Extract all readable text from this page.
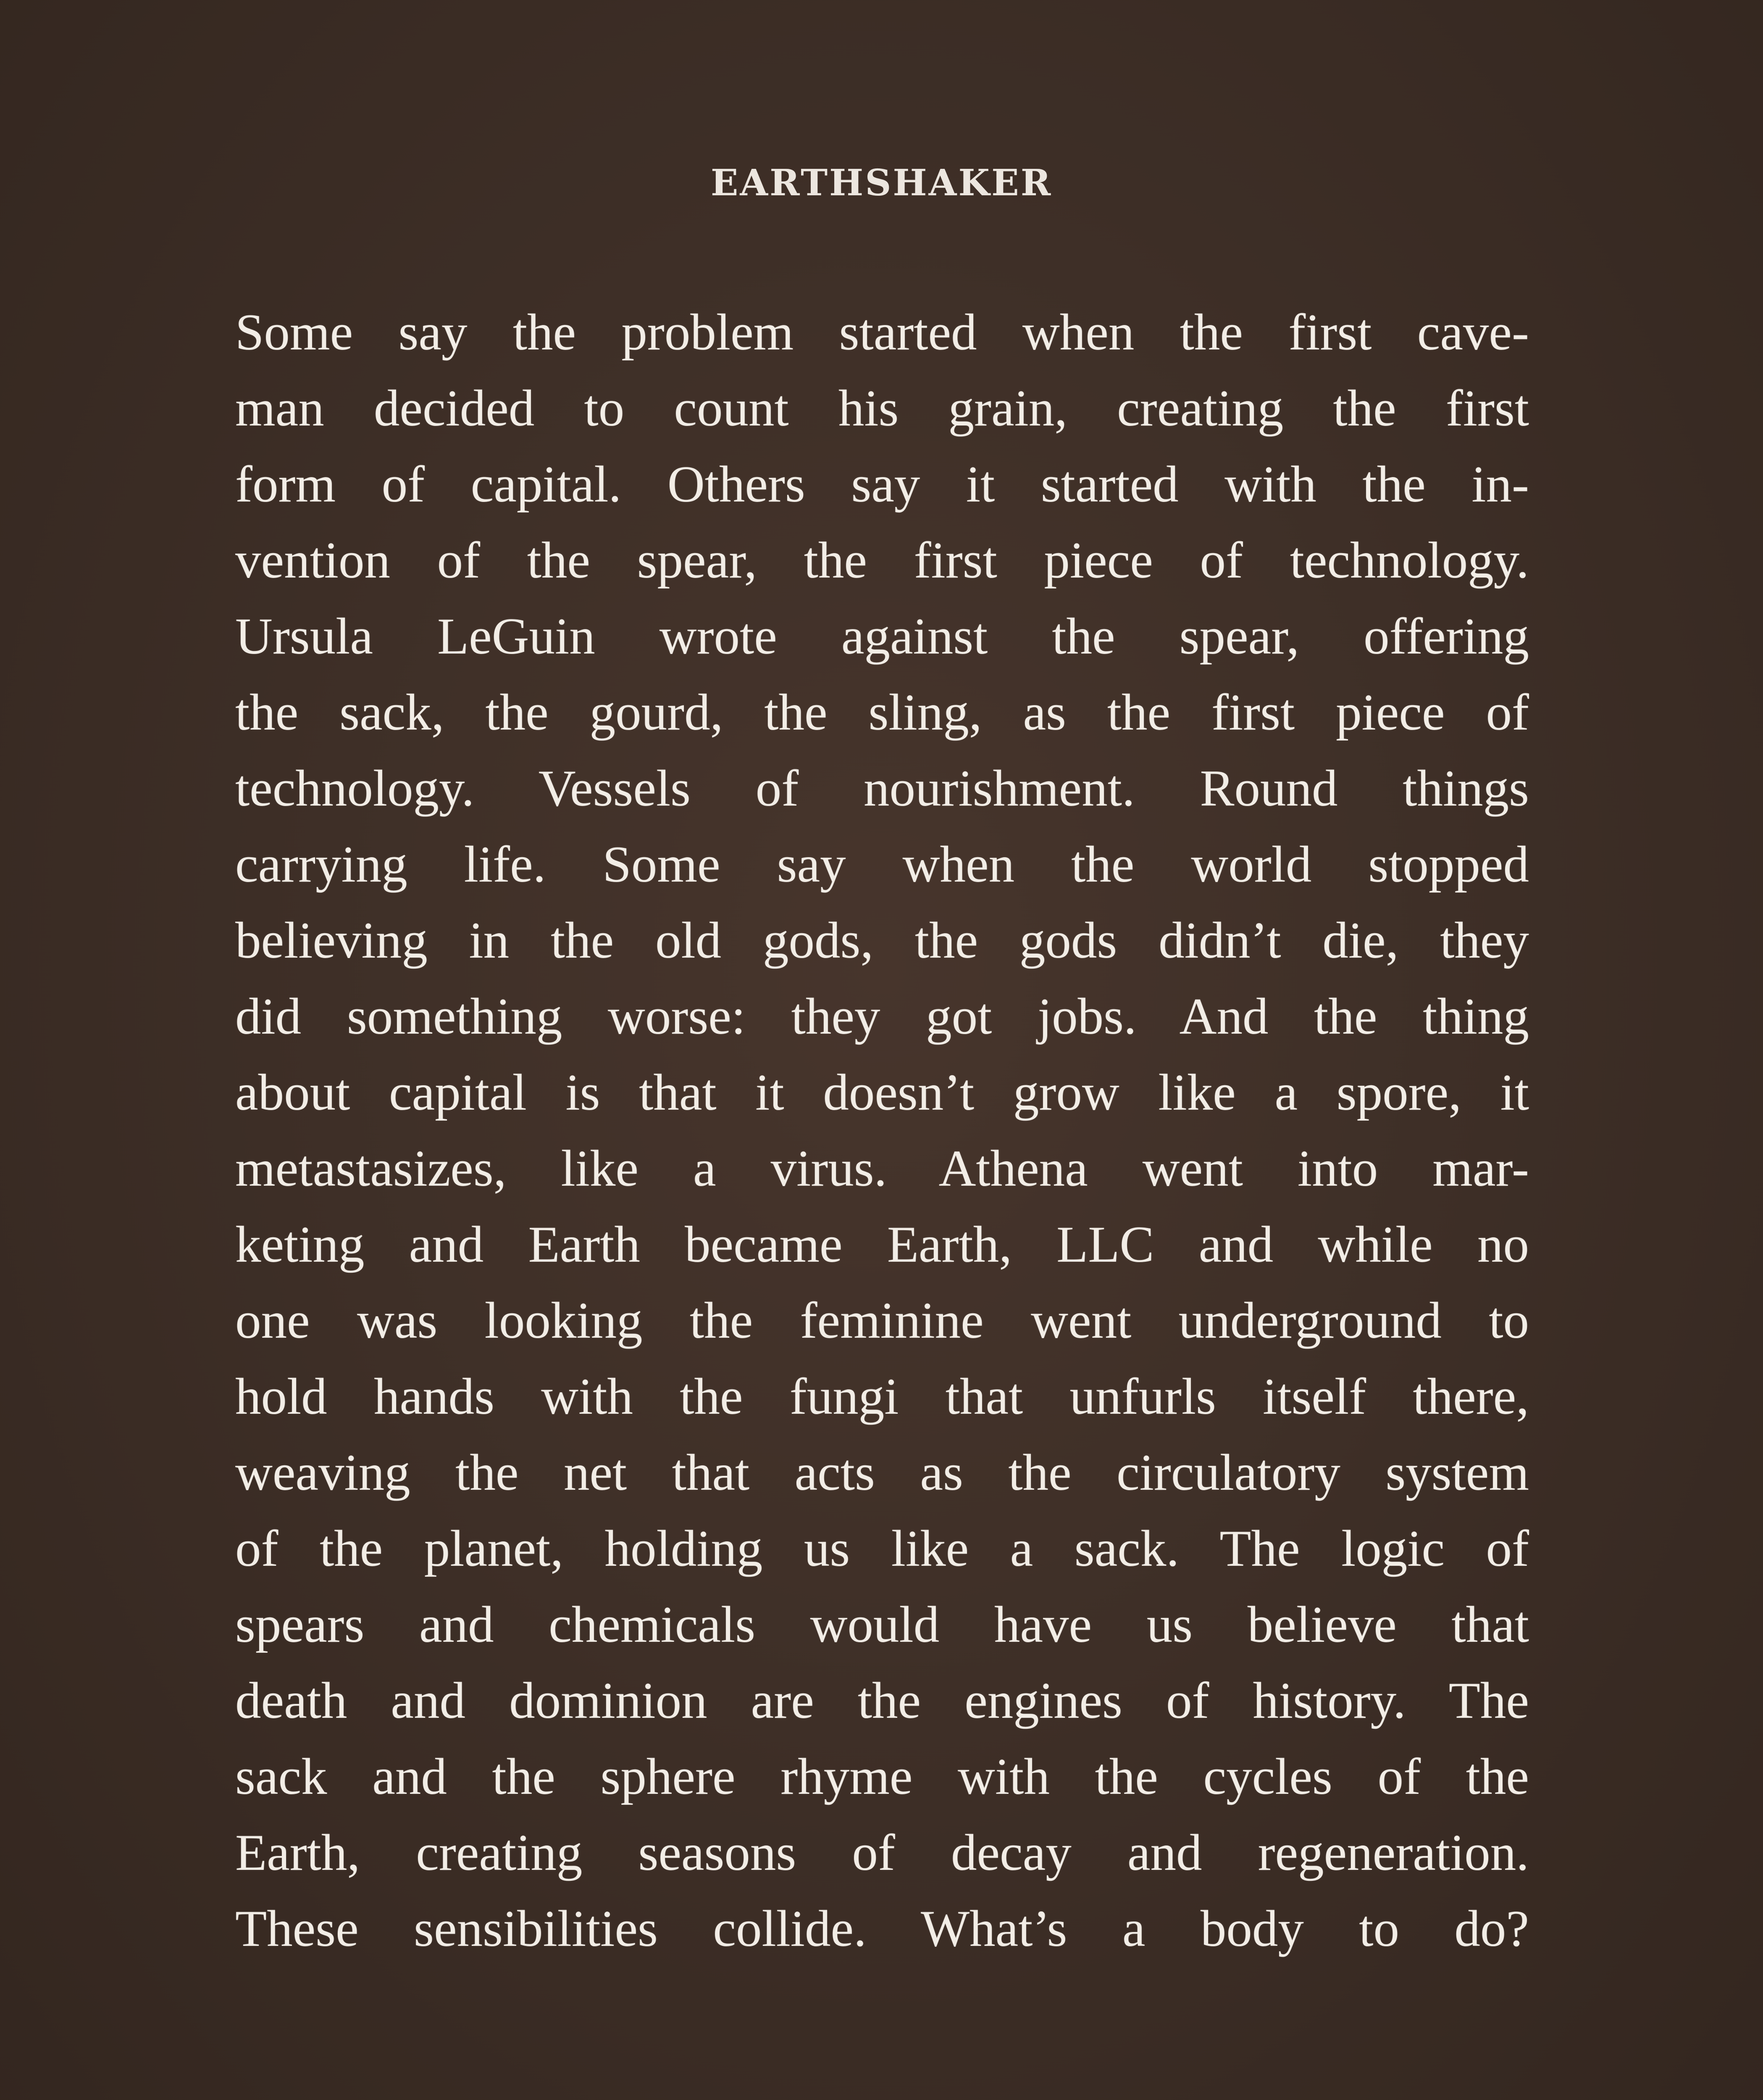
EARTHSHAKER
Some say the problem started when the first cave-
man decided to count his grain, creating the first
form of capital. Others say it started with the in-
vention of the spear, the first piece of technology.
Ursula LeGuin wrote against the spear, offering
the sack, the gourd, the sling, as the first piece of
technology. Vessels of nourishment. Round things
carrying life. Some say when the world stopped
believing in the old gods, the gods didn’t die, they
did something worse: they got jobs. And the thing
about capital is that it doesn’t grow like a spore, it
metastasizes, like a virus. Athena went into mar-
keting and Earth became Earth, LLC and while no
one was looking the feminine went underground to
hold hands with the fungi that unfurls itself there,
weaving the net that acts as the circulatory system
of the planet, holding us like a sack. The logic of
spears and chemicals would have us believe that
death and dominion are the engines of history. The
sack and the sphere rhyme with the cycles of the
Earth, creating seasons of decay and regeneration.
These sensibilities collide. What’s a body to do?
